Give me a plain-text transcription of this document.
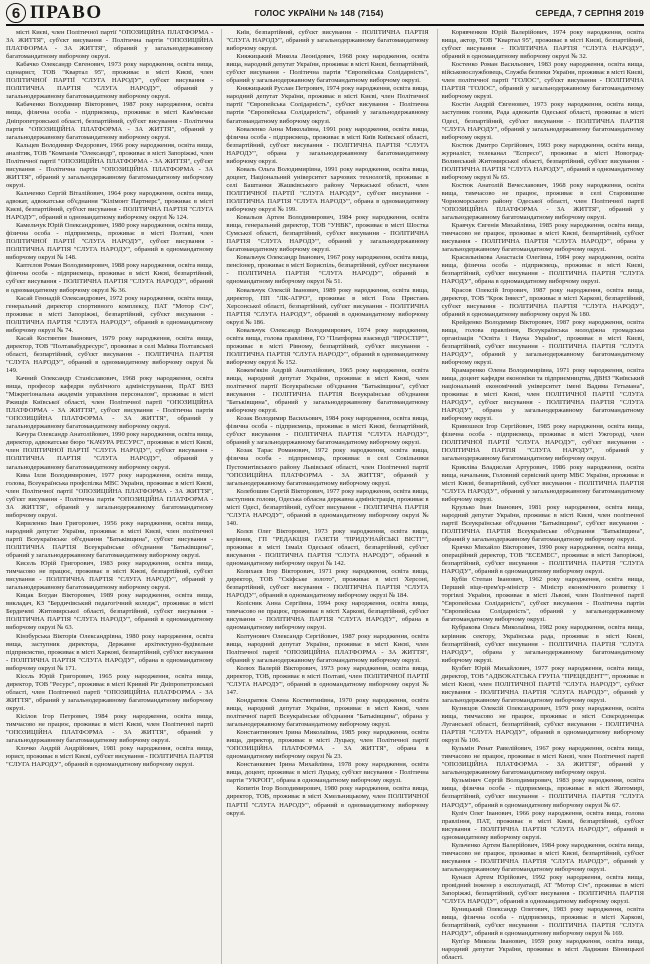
6 ПРАВО	ГОЛОС УКРАЇНИ № 148 (7154)	СЕРЕДА, 7 СЕРПНЯ 2019

місті Києві, член Політичної партії "ОПОЗИЦІЙНА ПЛАТФОРМА - ЗА ЖИТТЯ", суб'єкт висування - Політична партія "ОПОЗИЦІЙНА ПЛАТФОРМА - ЗА ЖИТТЯ", обраний у загальнодержавному багатомандатному виборчому окрузі.

Кабачко Олександр Євгенович, 1973 року народження, освіта вища, сценарист, ТОВ "Квартал 95", проживає в місті Києві, член ПОЛІТИЧНОЇ ПАРТІЇ "СЛУГА НАРОДУ", суб'єкт висування - ПОЛІТИЧНА ПАРТІЯ "СЛУГА НАРОДУ", обраний у загальнодержавному багатомандатному виборчому окрузі.

Кабаченко Володимир Вікторович, 1987 року народження, освіта вища, фізична особа - підприємець, проживає в місті Кам'янське Дніпропетровської області, безпартійний, суб'єкт висування - Політична партія "ОПОЗИЦІЙНА ПЛАТФОРМА - ЗА ЖИТТЯ", обраний у загальнодержавному багатомандатному виборчому окрузі.

Кальцев Володимир Федорович, 1966 року народження, освіта вища, аналітик, ТОВ "Компанія "Олександр", проживає в місті Запоріжжі, член Політичної партії "ОПОЗИЦІЙНА ПЛАТФОРМА - ЗА ЖИТТЯ", суб'єкт висування - Політична партія "ОПОЗИЦІЙНА ПЛАТФОРМА - ЗА ЖИТТЯ", обраний у загальнодержавному багатомандатному виборчому окрузі.

Кальченко Сергій Віталійович, 1964 року народження, освіта вища, адвокат, адвокатське об'єднання "Кілімонт Партнерс", проживає в місті Києві, безпартійний, суб'єкт висування - ПОЛІТИЧНА ПАРТІЯ "СЛУГА НАРОДУ", обраний в одномандатному виборчому окрузі № 124.

Камельчук Юрій Олександрович, 1980 року народження, освіта вища, фізична особа - підприємець, проживає в місті Полтаві, член ПОЛІТИЧНОЇ ПАРТІЇ "СЛУГА НАРОДУ", суб'єкт висування - ПОЛІТИЧНА ПАРТІЯ "СЛУГА НАРОДУ", обраний в одномандатному виборчому окрузі № 148.

Каптєлов Роман Володимирович, 1988 року народження, освіта вища, фізична особа - підприємець, проживає в місті Києві, безпартійний, суб'єкт висування - ПОЛІТИЧНА ПАРТІЯ "СЛУГА НАРОДУ", обраний в одномандатному виборчому окрузі № 36.

Касай Геннадій Олександрович, 1972 року народження, освіта вища, генеральний директор спортивного комплексу, ПАТ "Мотор Січ", проживає в місті Запоріжжі, безпартійний, суб'єкт висування - ПОЛІТИЧНА ПАРТІЯ "СЛУГА НАРОДУ", обраний в одномандатному виборчому окрузі № 74.

Касай Костянтин Іванович, 1979 року народження, освіта вища, директор, ТОВ "Полтавабудресурс", проживає в селі Маївка Полтавської області, безпартійний, суб'єкт висування - ПОЛІТИЧНА ПАРТІЯ "СЛУГА НАРОДУ", обраний в одномандатному виборчому окрузі № 149.

Качний Олександр Станіславович, 1968 року народження, освіта вища, професор кафедри публічного адміністрування, ПрАТ ВНЗ "Міжрегіональна академія управління персоналом", проживає в місті Ржищів Київської області, член Політичної партії "ОПОЗИЦІЙНА ПЛАТФОРМА - ЗА ЖИТТЯ", суб'єкт висування - Політична партія "ОПОЗИЦІЙНА ПЛАТФОРМА - ЗА ЖИТТЯ", обраний у загальнодержавному багатомандатному виборчому окрузі.

Качура Олександр Анатолійович, 1990 року народження, освіта вища, директор, адвокатське бюро "КАЧУРА РЕСУРС", проживає в місті Києві, член ПОЛІТИЧНОЇ ПАРТІЇ "СЛУГА НАРОДУ", суб'єкт висування - ПОЛІТИЧНА ПАРТІЯ "СЛУГА НАРОДУ", обраний у загальнодержавному багатомандатному виборчому окрузі.

Кива Ілля Володимирович, 1977 року народження, освіта вища, голова, Всеукраїнська профспілка МВС України, проживає в місті Києві, член Політичної партії "ОПОЗИЦІЙНА ПЛАТФОРМА - ЗА ЖИТТЯ", суб'єкт висування - Політична партія "ОПОЗИЦІЙНА ПЛАТФОРМА - ЗА ЖИТТЯ", обраний у загальнодержавному багатомандатному виборчому окрузі.

Кириленко Іван Григорович, 1956 року народження, освіта вища, народний депутат України, проживає в місті Києві, член політичної партії Всеукраїнське об'єднання "Батьківщина", суб'єкт висування - ПОЛІТИЧНА ПАРТІЯ Всеукраїнське об'єднання "Батьківщина", обраний у загальнодержавному багатомандатному виборчому окрузі.

Кисель Юрій Григорович, 1983 року народження, освіта вища, тимчасово не працює, проживає в місті Києві, безпартійний, суб'єкт висування - ПОЛІТИЧНА ПАРТІЯ "СЛУГА НАРОДУ", обраний у загальнодержавному багатомандатному виборчому окрузі.

Кицак Богдан Вікторович, 1989 року народження, освіта вища, викладач, КЗ "Бердичівський педагогічний коледж", проживає в місті Бердичеві Житомирської області, безпартійний, суб'єкт висування - ПОЛІТИЧНА ПАРТІЯ "СЛУГА НАРОДУ", обраний в одномандатному виборчому окрузі № 63.

Кінзбурська Вікторія Олександрівна, 1980 року народження, освіта вища, заступник директора, Державне архітектурно-будівельне підприємство, проживає в місті Харкові, безпартійний, суб'єкт висування - ПОЛІТИЧНА ПАРТІЯ "СЛУГА НАРОДУ", обрана в одномандатному виборчому окрузі № 171.

Кісєль Юрій Григорович, 1965 року народження, освіта вища, директор, ТОВ "Ресурс", проживає в місті Кривий Ріг Дніпропетровської області, член Політичної партії "ОПОЗИЦІЙНА ПЛАТФОРМА - ЗА ЖИТТЯ", обраний у загальнодержавному багатомандатному виборчому окрузі.

Кісілов Ігор Петрович, 1984 року народження, освіта вища, тимчасово не працює, проживає в місті Києві, член Політичної партії "ОПОЗИЦІЙНА ПЛАТФОРМА - ЗА ЖИТТЯ", обраний у загальнодержавному багатомандатному виборчому окрузі.

Клочко Андрій Андрійович, 1981 року народження, освіта вища, юрист, проживає в місті Києві, суб'єкт висування - ПОЛІТИЧНА ПАРТІЯ "СЛУГА НАРОДУ", обраний в одномандатному виборчому окрузі.

Київ, безпартійний, суб'єкт висування - ПОЛІТИЧНА ПАРТІЯ "СЛУГА НАРОДУ", обраний у загальнодержавному багатомандатному виборчому окрузі.

Княжицький Микола Леонідович, 1968 року народження, освіта вища, народний депутат України, проживає в місті Києві, безпартійний, суб'єкт висування - Політична партія "Європейська Солідарність", обраний у загальнодержавному багатомандатному виборчому окрузі.

Княжицький Руслан Петрович, 1974 року народження, освіта вища, народний депутат України, проживає в місті Києві, член Політичної партії "Європейська Солідарність", суб'єкт висування - Політична партія "Європейська Солідарність", обраний у загальнодержавному багатомандатному виборчому окрузі.

Коваленко Анна Миколаївна, 1991 року народження, освіта вища, фізична особа - підприємець, проживає в місті Київ Київської області, безпартійний, суб'єкт висування - ПОЛІТИЧНА ПАРТІЯ "СЛУГА НАРОДУ", обрана у загальнодержавному багатомандатному виборчому окрузі.

Коваль Ольга Володимирівна, 1991 року народження, освіта вища, доцент, Національний університет харчових технологій, проживає в селі Баштанки Жашківського району Черкаської області, член ПОЛІТИЧНОЇ ПАРТІЇ "СЛУГА НАРОДУ", суб'єкт висування - ПОЛІТИЧНА ПАРТІЯ "СЛУГА НАРОДУ", обрана в одномандатному виборчому окрузі № 199.

Ковальов Артем Володимирович, 1984 року народження, освіта вища, генеральний директор, ТОВ "УНВК", проживає в місті Шостка Сумської області, безпартійний, суб'єкт висування - ПОЛІТИЧНА ПАРТІЯ "СЛУГА НАРОДУ", обраний у загальнодержавному багатомандатному виборчому окрузі.

Ковальчук Олександр Іванович, 1967 року народження, освіта вища, пенсіонер, проживає в місті Бориспіль, безпартійний, суб'єкт висування - ПОЛІТИЧНА ПАРТІЯ "СЛУГА НАРОДУ", обраний в одномандатному виборчому окрузі № 51.

Ковальчук Олексій Іванович, 1989 року народження, освіта вища, директор, ПП "ЛК-АГРО", проживає в місті Гола Пристань Херсонської області, безпартійний, суб'єкт висування - ПОЛІТИЧНА ПАРТІЯ "СЛУГА НАРОДУ", обраний в одномандатному виборчому окрузі № 186.

Ковальчук Олександр Володимирович, 1974 року народження, освіта вища, голова правління, ГО "Платформа взаємодії "ПРОСТІР"", проживає в місті Рівному, безпартійний, суб'єкт висування - ПОЛІТИЧНА ПАРТІЯ "СЛУГА НАРОДУ", обраний в одномандатному виборчому окрузі № 152.

Кожем'якін Андрій Анатолійович, 1965 року народження, освіта вища, народний депутат України, проживає в місті Києві, член політичної партії Всеукраїнське об'єднання "Батьківщина", суб'єкт висування - ПОЛІТИЧНА ПАРТІЯ Всеукраїнське об'єднання "Батьківщина", обраний у загальнодержавному багатомандатному виборчому окрузі.

Козак Володимир Васильович, 1984 року народження, освіта вища, фізична особа - підприємець, проживає в місті Києві, безпартійний, суб'єкт висування - ПОЛІТИЧНА ПАРТІЯ "СЛУГА НАРОДУ", обраний у загальнодержавному багатомандатному виборчому окрузі.

Козак Тарас Романович, 1972 року народження, освіта вища, фізична особа - підприємець, проживає в селі Сокільники Пустомитівського району Львівської області, член Політичної партії "ОПОЗИЦІЙНА ПЛАТФОРМА - ЗА ЖИТТЯ", обраний у загальнодержавному багатомандатному виборчому окрузі.

Колебошин Сергій Вікторович, 1977 року народження, освіта вища, заступник голови, Одеська обласна державна адміністрація, проживає в місті Одесі, безпартійний, суб'єкт висування - ПОЛІТИЧНА ПАРТІЯ "СЛУГА НАРОДУ", обраний в одномандатному виборчому окрузі № 140.

Колєв Олег Вікторович, 1973 року народження, освіта вища, керівник, ГП "РЕДАКЦІЯ ГАЗЕТИ "ПРИДУНАЙСЬКІ ВІСТІ"", проживає в місті Ізмаїл Одеської області, безпартійний, суб'єкт висування - ПОЛІТИЧНА ПАРТІЯ "СЛУГА НАРОДУ", обраний в одномандатному виборчому окрузі № 142.

Колихаєв Ігор Вікторович, 1971 року народження, освіта вища, директор, ТОВ "Скіфське золото", проживає в місті Херсоні, безпартійний, суб'єкт висування - ПОЛІТИЧНА ПАРТІЯ "СЛУГА НАРОДУ", обраний в одномандатному виборчому окрузі № 184.

Колісник Анна Сергіївна, 1994 року народження, освіта вища, тимчасово не працює, проживає в місті Харкові, безпартійний, суб'єкт висування - ПОЛІТИЧНА ПАРТІЯ "СЛУГА НАРОДУ", обрана в одномандатному виборчому окрузі.

Колтунович Олександр Сергійович, 1987 року народження, освіта вища, народний депутат України, проживає в місті Києві, член Політичної партії "ОПОЗИЦІЙНА ПЛАТФОРМА - ЗА ЖИТТЯ", обраний у загальнодержавному багатомандатному виборчому окрузі.

Колюх Валерій Вікторович, 1973 року народження, освіта вища, директор, ТОВ, проживає в місті Полтаві, член ПОЛІТИЧНОЇ ПАРТІЇ "СЛУГА НАРОДУ", обраний в одномандатному виборчому окрузі № 147.

Кондратюк Олена Костянтинівна, 1970 року народження, освіта вища, народний депутат України, проживає в місті Києві, член політичної партії Всеукраїнське об'єднання "Батьківщина", обрана у загальнодержавному багатомандатному виборчому окрузі.

Константинович Ірина Миколаївна, 1985 року народження, освіта вища, директор, проживає в місті Луцьку, член Політичної партії "ОПОЗИЦІЙНА ПЛАТФОРМА - ЗА ЖИТТЯ", обрана в одномандатному виборчому окрузі № 23.

Констанкевич Ірина Михайлівна, 1978 року народження, освіта вища, доцент, проживає в місті Луцьку, суб'єкт висування - Політична партія "УКРОП", обрана в одномандатному виборчому окрузі.

Копитін Ігор Володимирович, 1980 року народження, освіта вища, директор, ТОВ, проживає в місті Хмельницькому, член ПОЛІТИЧНОЇ ПАРТІЇ "СЛУГА НАРОДУ", обраний в одномандатному виборчому окрузі.

Корявченков Юрій Валерійович, 1974 року народження, освіта вища, актор, ТОВ "Квартал 95", проживає в місті Києві, безпартійний, суб'єкт висування - ПОЛІТИЧНА ПАРТІЯ "СЛУГА НАРОДУ", обраний в одномандатному виборчому окрузі № 32.

Костенко Роман Васильович, 1983 року народження, освіта вища, військовослужбовець, Служба безпеки України, проживає в місті Києві, член політичної партії "ГОЛОС", суб'єкт висування - ПОЛІТИЧНА ПАРТІЯ "ГОЛОС", обраний у загальнодержавному багатомандатному виборчому окрузі.

Костін Андрій Євгенович, 1973 року народження, освіта вища, заступник голови, Рада адвокатів Одеської області, проживає в місті Одесі, безпартійний, суб'єкт висування - ПОЛІТИЧНА ПАРТІЯ "СЛУГА НАРОДУ", обраний у загальнодержавному багатомандатному виборчому окрузі.

Костюк Дмитро Сергійович, 1993 року народження, освіта вища, журналіст, телеканал "Еспресо", проживає в місті Новоград-Волинський Житомирської області, безпартійний, суб'єкт висування - ПОЛІТИЧНА ПАРТІЯ "СЛУГА НАРОДУ", обраний в одномандатному виборчому окрузі № 65.

Костюк Анатолій Вячеславович, 1968 року народження, освіта вища, тимчасово не працює, проживає в селі Старовишне Чорноморського району Одеської області, член Політичної партії "ОПОЗИЦІЙНА ПЛАТФОРМА - ЗА ЖИТТЯ", обраний у загальнодержавному багатомандатному виборчому окрузі.

Кравчук Євгенія Михайлівна, 1985 року народження, освіта вища, тимчасово не працює, проживає в місті Києві, безпартійний, суб'єкт висування - ПОЛІТИЧНА ПАРТІЯ "СЛУГА НАРОДУ", обрана у загальнодержавному багатомандатному виборчому окрузі.

Красильнікова Анастасія Олегівна, 1984 року народження, освіта вища, фізична особа - підприємець, проживає в місті Києві, безпартійний, суб'єкт висування - ПОЛІТИЧНА ПАРТІЯ "СЛУГА НАРОДУ", обрана в одномандатному виборчому окрузі.

Красов Олексій Ігорович, 1987 року народження, освіта вища, директор, ТОВ "Крок Інвест", проживає в місті Харкові, безпартійний, суб'єкт висування - ПОЛІТИЧНА ПАРТІЯ "СЛУГА НАРОДУ", обраний в одномандатному виборчому окрузі № 180.

Крейденко Володимир Вікторович, 1987 року народження, освіта вища, голова правління, Всеукраїнська молодіжна громадська організація "Освіта і Наука України", проживає в місті Києві, безпартійний, суб'єкт висування - ПОЛІТИЧНА ПАРТІЯ "СЛУГА НАРОДУ", обраний у загальнодержавному багатомандатному виборчому окрузі.

Крамаренко Олена Володимирівна, 1971 року народження, освіта вища, доцент кафедри економіки та підприємництва, ДВНЗ "Київський національний економічний університет імені Вадима Гетьмана", проживає в місті Києві, член ПОЛІТИЧНОЇ ПАРТІЇ "СЛУГА НАРОДУ", суб'єкт висування - ПОЛІТИЧНА ПАРТІЯ "СЛУГА НАРОДУ", обрана у загальнодержавному багатомандатному виборчому окрузі.

Кривошеєв Ігор Сергійович, 1985 року народження, освіта вища, фізична особа - підприємець, проживає в місті Ужгороді, член ПОЛІТИЧНОЇ ПАРТІЇ "СЛУГА НАРОДУ", суб'єкт висування - ПОЛІТИЧНА ПАРТІЯ "СЛУГА НАРОДУ", обраний у загальнодержавному багатомандатному виборчому окрузі.

Крикліва Владислав Артурович, 1986 року народження, освіта вища, начальник, Головний сервісний центр МВС України, проживає в місті Києві, безпартійний, суб'єкт висування - ПОЛІТИЧНА ПАРТІЯ "СЛУГА НАРОДУ", обраний у загальнодержавному багатомандатному виборчому окрузі.

Крулько Іван Іванович, 1981 року народження, освіта вища, народний депутат України, проживає в місті Києві, член політичної партії Всеукраїнське об'єднання "Батьківщина", суб'єкт висування - ПОЛІТИЧНА ПАРТІЯ Всеукраїнське об'єднання "Батьківщина", обраний у загальнодержавному багатомандатному виборчому окрузі.

Крячко Михайло Вікторович, 1990 року народження, освіта вища, операційний директор, ТОВ "ЕСЕМЕС", проживає в місті Запоріжжі, безпартійний, суб'єкт висування - ПОЛІТИЧНА ПАРТІЯ "СЛУГА НАРОДУ", обраний в одномандатному виборчому окрузі.

Кубів Степан Іванович, 1962 року народження, освіта вища, Перший віце-прем'єр-міністр - Міністр економічного розвитку і торгівлі України, проживає в місті Львові, член Політичної партії "Європейська Солідарність", суб'єкт висування - Політична партія "Європейська Солідарність", обраний у загальнодержавному багатомандатному виборчому окрузі.

Кубракова Ольга Миколаївна, 1982 року народження, освіта вища, керівник сектору, Українська рада, проживає в місті Києві, безпартійний, суб'єкт висування - ПОЛІТИЧНА ПАРТІЯ "СЛУГА НАРОДУ", обрана у загальнодержавному багатомандатному виборчому окрузі.

Кузбит Юрій Михайлович, 1977 року народження, освіта вища, директор, ТОВ "АДВОКАТСЬКА ГРУПА "ПРЕЦЕДЕНТ"", проживає в місті Києві, член ПОЛІТИЧНОЇ ПАРТІЇ "СЛУГА НАРОДУ", суб'єкт висування - ПОЛІТИЧНА ПАРТІЯ "СЛУГА НАРОДУ", обраний у загальнодержавному багатомандатному виборчому окрузі.

Кузнєцов Олексій Олександрович, 1979 року народження, освіта вища, тимчасово не працює, проживає в місті Сєвєродонецьк Луганської області, безпартійний, суб'єкт висування - ПОЛІТИЧНА ПАРТІЯ "СЛУГА НАРОДУ", обраний в одномандатному виборчому окрузі № 106.

Кузьмін Ренат Равелійович, 1967 року народження, освіта вища, тимчасово не працює, проживає в місті Києві, член Політичної партії "ОПОЗИЦІЙНА ПЛАТФОРМА - ЗА ЖИТТЯ", обраний у загальнодержавному багатомандатному виборчому окрузі.

Кузьмінич Сергій Володимирович, 1983 року народження, освіта вища, фізична особа - підприємець, проживає в місті Житомирі, безпартійний, суб'єкт висування - ПОЛІТИЧНА ПАРТІЯ "СЛУГА НАРОДУ", обраний в одномандатному виборчому окрузі № 67.

Куліч Олег Іванович, 1966 року народження, освіта вища, голова правління, ПАТ, проживає в місті Києві, безпартійний, суб'єкт висування - ПОЛІТИЧНА ПАРТІЯ "СЛУГА НАРОДУ", обраний в одномандатному виборчому окрузі.

Кульченко Артем Валерійович, 1984 року народження, освіта вища, тимчасово не працює, проживає в місті Києві, безпартійний, суб'єкт висування - ПОЛІТИЧНА ПАРТІЯ "СЛУГА НАРОДУ", обраний у загальнодержавному багатомандатному виборчому окрузі.

Кунаєв Артем Юрійович, 1992 року народження, освіта вища, провідний інженер з експлуатації, АТ "Мотор Січ", проживає в місті Запоріжжі, безпартійний, суб'єкт висування - ПОЛІТИЧНА ПАРТІЯ "СЛУГА НАРОДУ", обраний в одномандатному виборчому окрузі.

Куницький Олександр Олегович, 1983 року народження, освіта вища, фізична особа - підприємець, проживає в місті Харкові, безпартійний, суб'єкт висування - ПОЛІТИЧНА ПАРТІЯ "СЛУГА НАРОДУ", обраний в одномандатному виборчому окрузі № 169.

Куп'єр Микола Іванович, 1959 року народження, освіта вища, народний депутат України, проживає в місті Ладижин Вінницької області.
